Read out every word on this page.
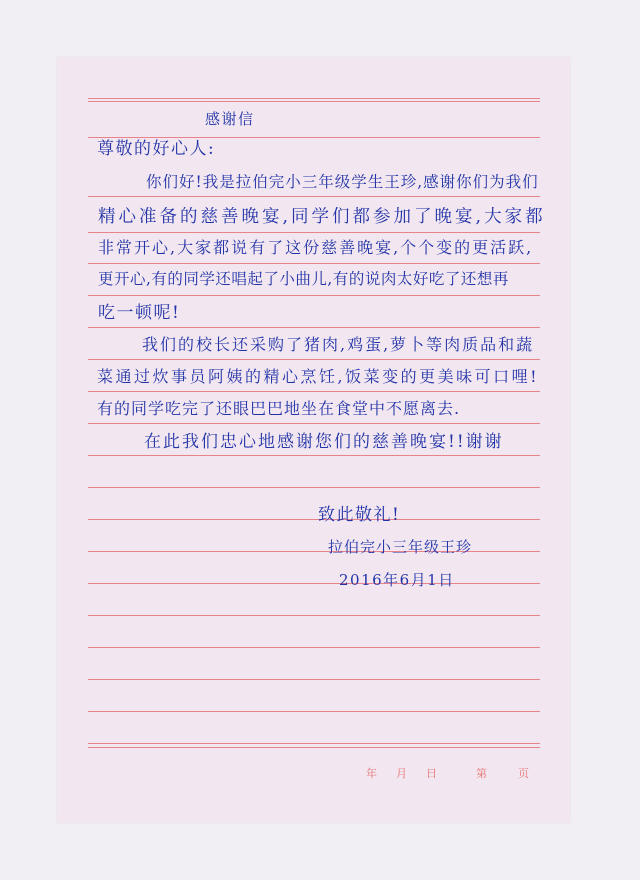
感谢信
尊敬的好心人:
你们好!我是拉伯完小三年级学生王珍,感谢你们为我们
精心准备的慈善晚宴,同学们都参加了晚宴,大家都
非常开心,大家都说有了这份慈善晚宴,个个变的更活跃,
更开心,有的同学还唱起了小曲儿,有的说肉太好吃了还想再
吃一顿呢!
我们的校长还采购了猪肉,鸡蛋,萝卜等肉质品和蔬
菜通过炊事员阿姨的精心烹饪,饭菜变的更美味可口哩!
有的同学吃完了还眼巴巴地坐在食堂中不愿离去.
在此我们忠心地感谢您们的慈善晚宴!!谢谢
致此敬礼!
拉伯完小三年级王珍
2016年6月1日
年 月 日	第	页
